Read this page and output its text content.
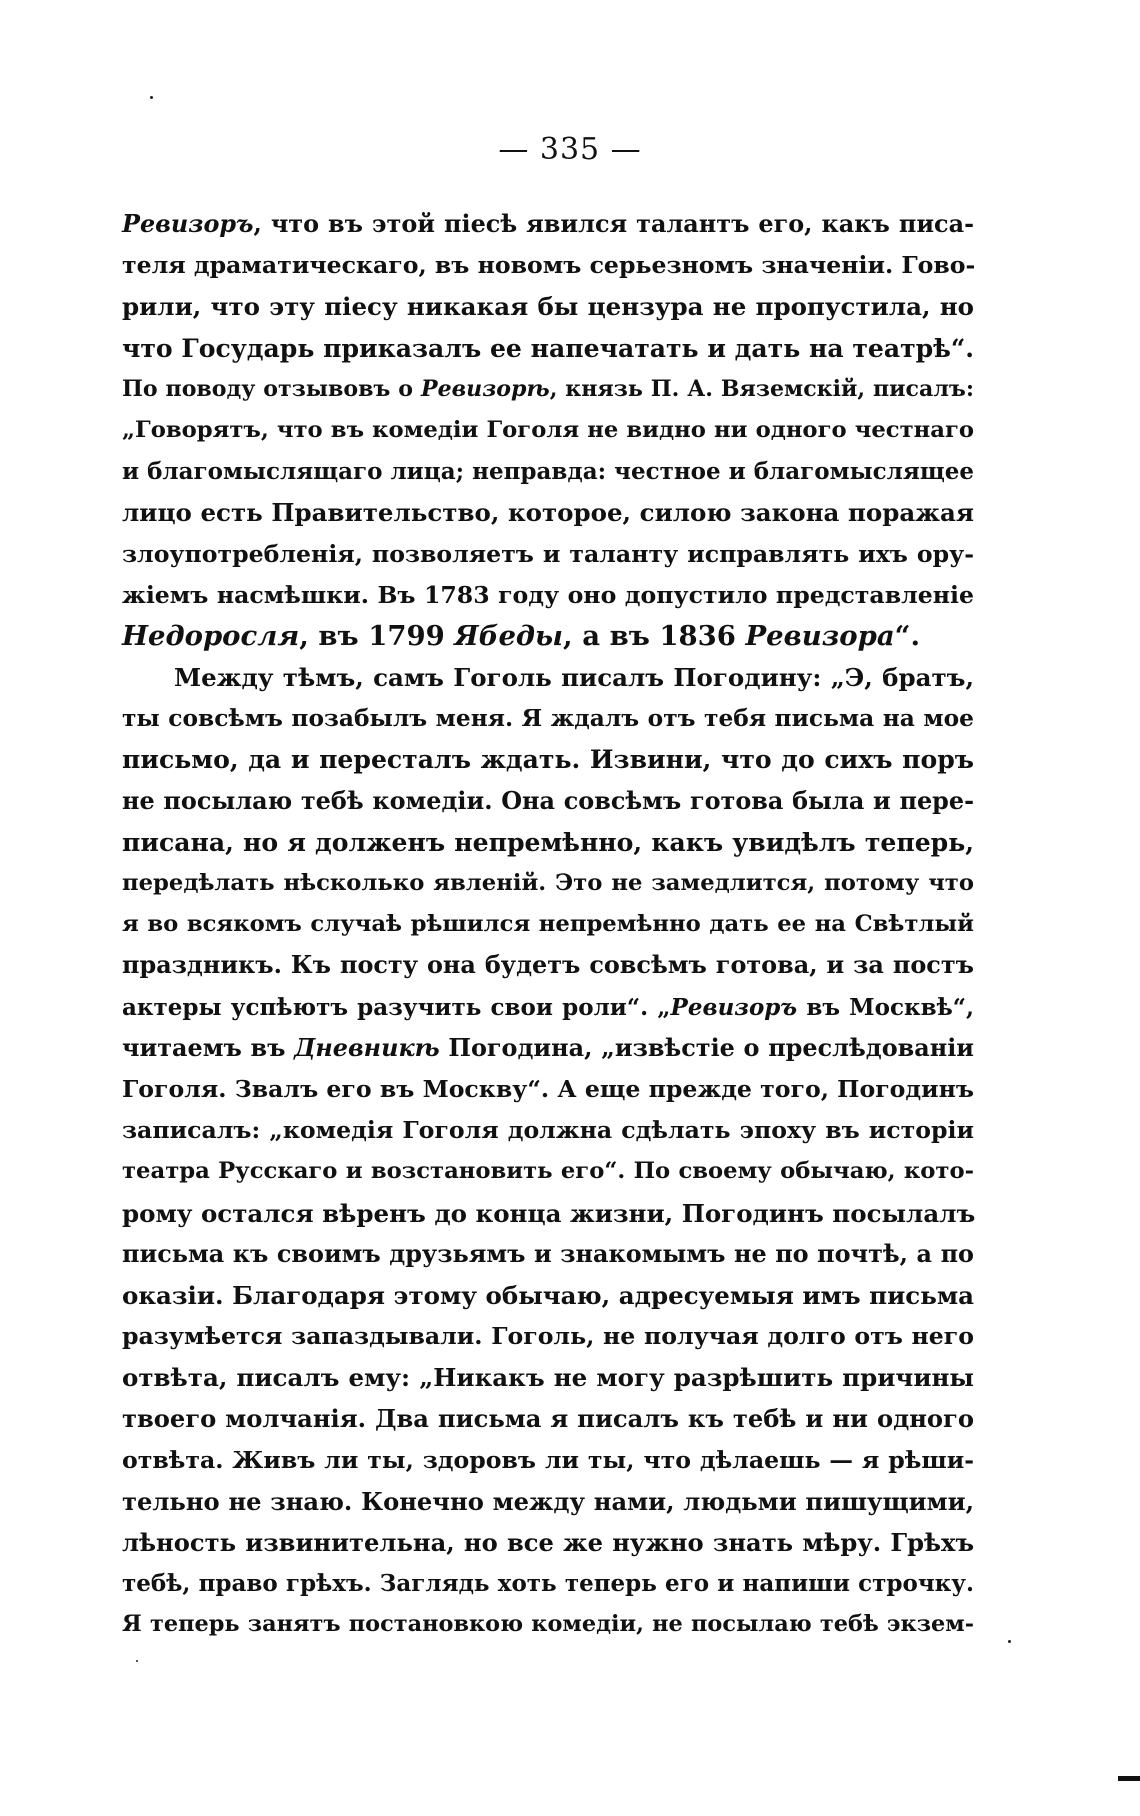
— 335 —
Ревизоръ, что въ этой пiесѣ явился талантъ его, какъ писа-
теля драматическаго, въ новомъ серьезномъ значенiи. Гово-
рили, что эту пiесу никакая бы цензура не пропустила, но
что Государь приказалъ ее напечатать и дать на театрѣ“.
По поводу отзывовъ о Ревизорѣ, князь П. А. Вяземскiй, писалъ:
„Говорятъ, что въ комедiи Гоголя не видно ни одного честнаго
и благомыслящаго лица; неправда: честное и благомыслящее
лицо есть Правительство, которое, силою закона поражая
злоупотребленiя, позволяетъ и таланту исправлять ихъ ору-
жiемъ насмѣшки. Въ 1783 году оно допустило представленiе
Недоросля, въ 1799 Ябеды, а въ 1836 Ревизора“.
Между тѣмъ, самъ Гоголь писалъ Погодину: „Э, братъ,
ты совсѣмъ позабылъ меня. Я ждалъ отъ тебя письма на мое
письмо, да и пересталъ ждать. Извини, что до сихъ поръ
не посылаю тебѣ комедiи. Она совсѣмъ готова была и пере-
писана, но я долженъ непремѣнно, какъ увидѣлъ теперь,
передѣлать нѣсколько явленiй. Это не замедлится, потому что
я во всякомъ случаѣ рѣшился непремѣнно дать ее на Свѣтлый
праздникъ. Къ посту она будетъ совсѣмъ готова, и за постъ
актеры успѣютъ разучить свои роли“. „Ревизоръ въ Москвѣ“,
читаемъ въ Дневникѣ Погодина, „извѣстiе о преслѣдованiи
Гоголя. Звалъ его въ Москву“. А еще прежде того, Погодинъ
записалъ: „комедiя Гоголя должна сдѣлать эпоху въ исторiи
театра Русскаго и возстановить его“. По своему обычаю, кото-
рому остался вѣренъ до конца жизни, Погодинъ посылалъ
письма къ своимъ друзьямъ и знакомымъ не по почтѣ, а по
оказiи. Благодаря этому обычаю, адресуемыя имъ письма
разумѣется запаздывали. Гоголь, не получая долго отъ него
отвѣта, писалъ ему: „Никакъ не могу разрѣшить причины
твоего молчанiя. Два письма я писалъ къ тебѣ и ни одного
отвѣта. Живъ ли ты, здоровъ ли ты, что дѣлаешь — я рѣши-
тельно не знаю. Конечно между нами, людьми пишущими,
лѣность извинительна, но все же нужно знать мѣру. Грѣхъ
тебѣ, право грѣхъ. Заглядь хоть теперь его и напиши строчку.
Я теперь занятъ постановкою комедiи, не посылаю тебѣ экзем-
